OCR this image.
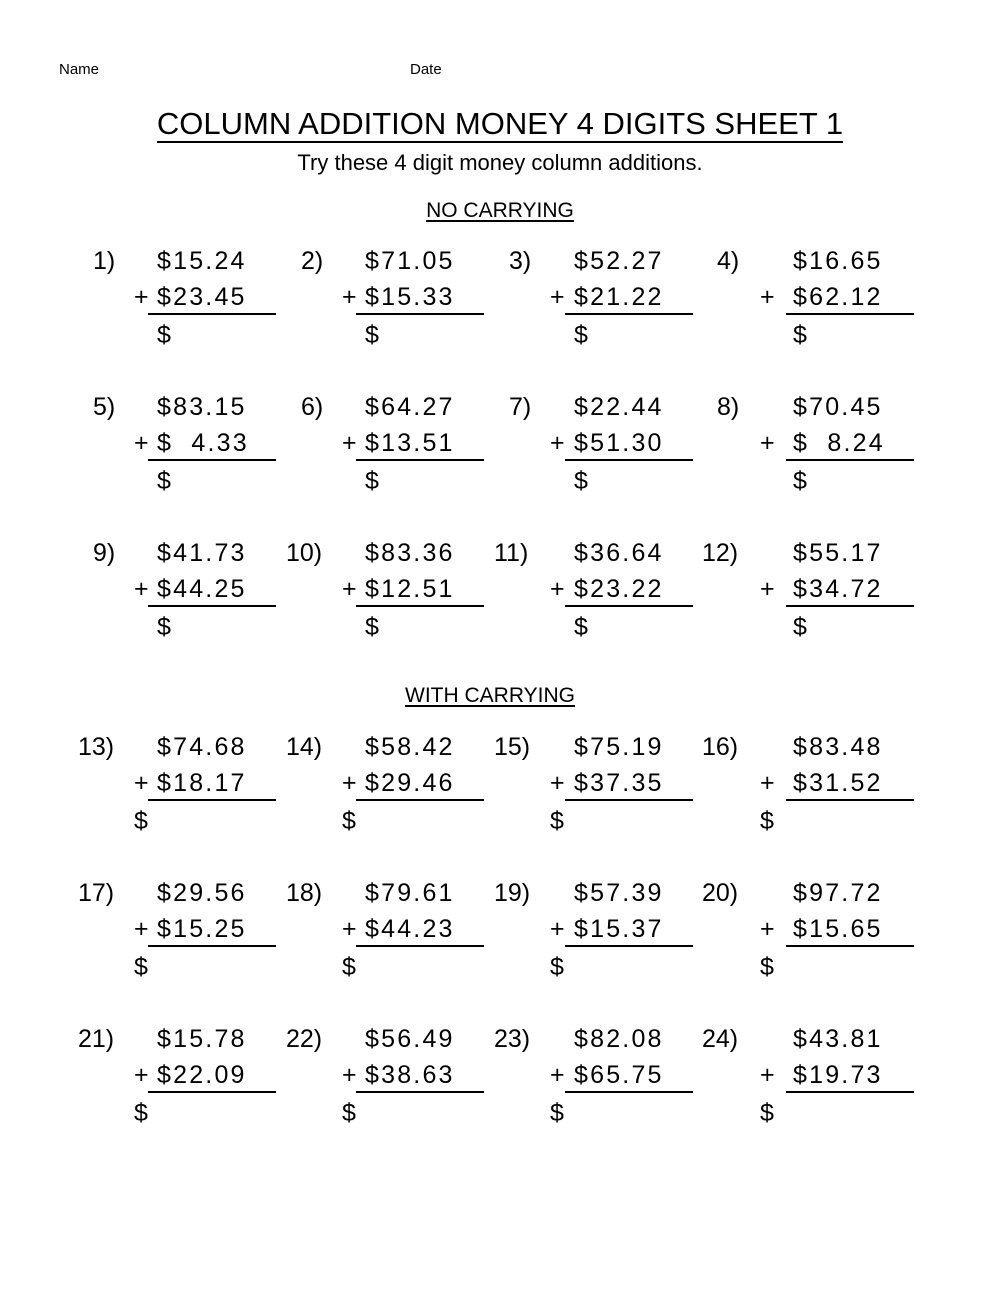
Name	Date
COLUMN ADDITION MONEY 4 DIGITS SHEET 1
Try these 4 digit money column additions.
NO CARRYING
WITH CARRYING
1) $15.24
+ $23.45
$
2) $71.05
+ $15.33
$
3) $52.27
+ $21.22
$
4) $16.65
+ $62.12
$
5) $83.15
+ $  4.33
$
6) $64.27
+ $13.51
$
7) $22.44
+ $51.30
$
8) $70.45
+ $  8.24
$
9) $41.73
+ $44.25
$
10) $83.36
+ $12.51
$
11) $36.64
+ $23.22
$
12) $55.17
+ $34.72
$
13) $74.68
+ $18.17
$
14) $58.42
+ $29.46
$
15) $75.19
+ $37.35
$
16) $83.48
+ $31.52
$
17) $29.56
+ $15.25
$
18) $79.61
+ $44.23
$
19) $57.39
+ $15.37
$
20) $97.72
+ $15.65
$
21) $15.78
+ $22.09
$
22) $56.49
+ $38.63
$
23) $82.08
+ $65.75
$
24) $43.81
+ $19.73
$
